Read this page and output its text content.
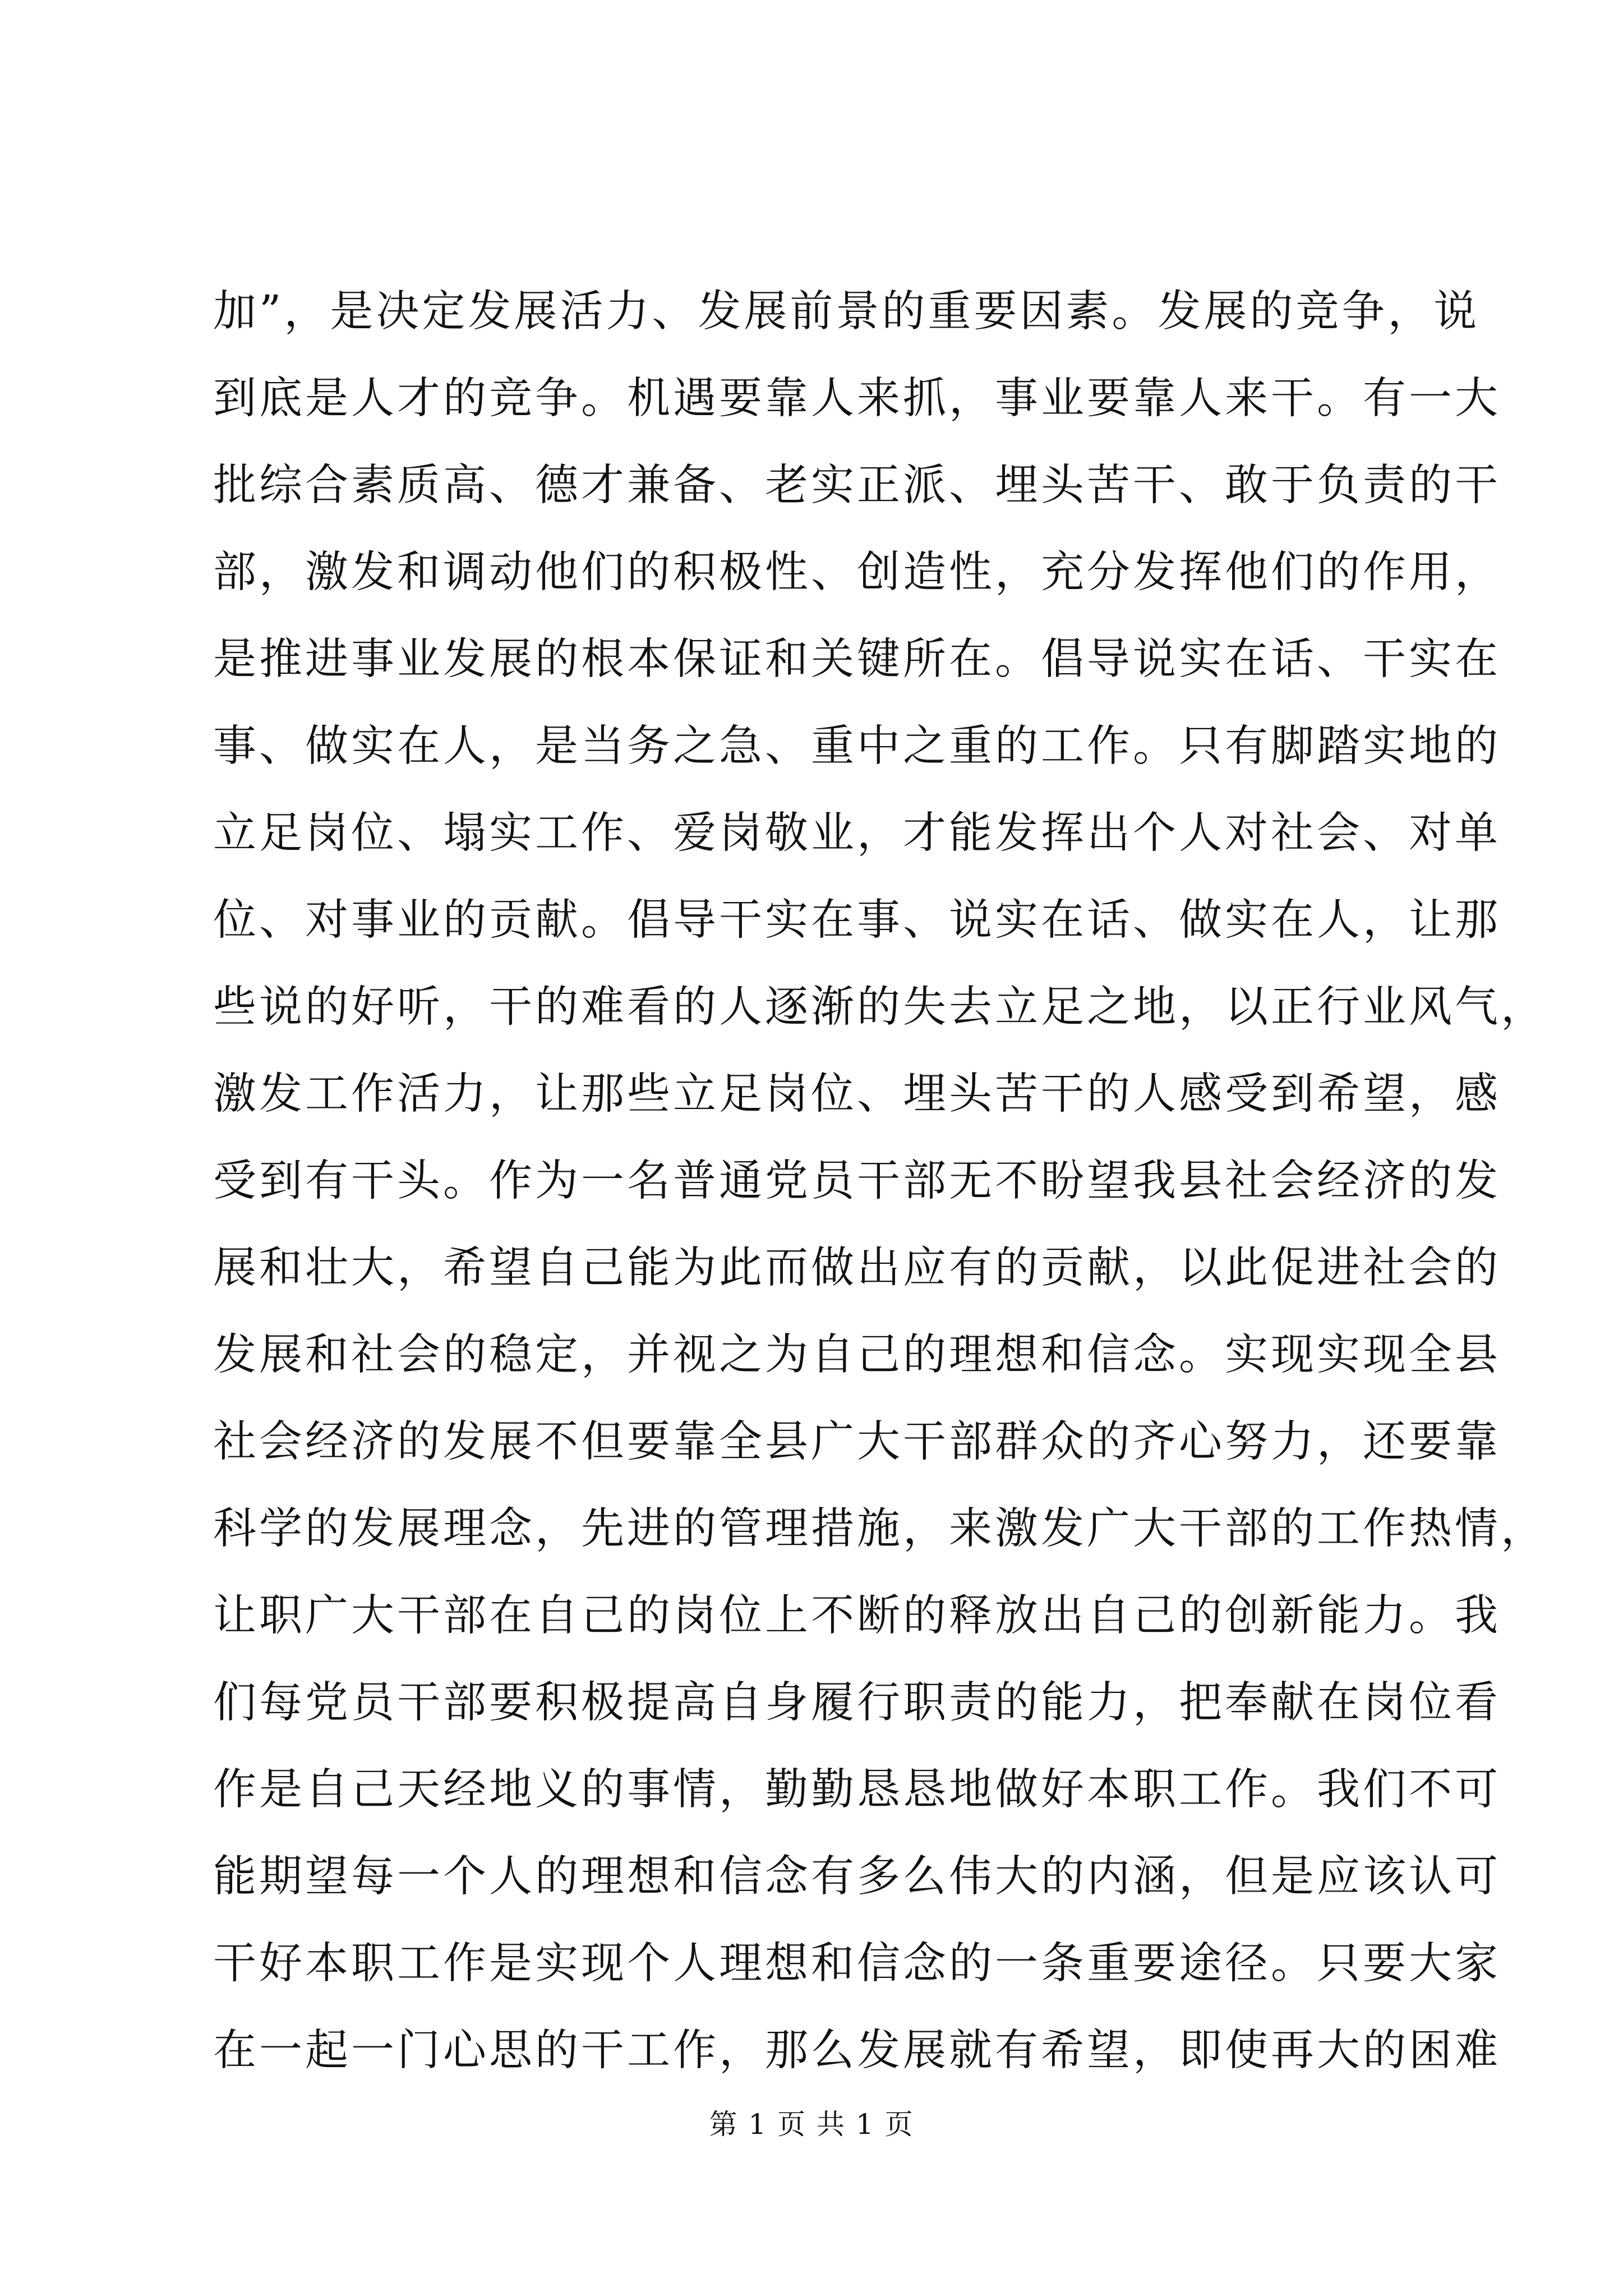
加”，是决定发展活力、发展前景的重要因素。发展的竞争，说
到底是人才的竞争。机遇要靠人来抓，事业要靠人来干。有一大
批综合素质高、德才兼备、老实正派、埋头苦干、敢于负责的干
部，激发和调动他们的积极性、创造性，充分发挥他们的作用，
是推进事业发展的根本保证和关键所在。倡导说实在话、干实在
事、做实在人，是当务之急、重中之重的工作。只有脚踏实地的
立足岗位、塌实工作、爱岗敬业，才能发挥出个人对社会、对单
位、对事业的贡献。倡导干实在事、说实在话、做实在人，让那
些说的好听，干的难看的人逐渐的失去立足之地，以正行业风气，
激发工作活力，让那些立足岗位、埋头苦干的人感受到希望，感
受到有干头。作为一名普通党员干部无不盼望我县社会经济的发
展和壮大，希望自己能为此而做出应有的贡献，以此促进社会的
发展和社会的稳定，并视之为自己的理想和信念。实现实现全县
社会经济的发展不但要靠全县广大干部群众的齐心努力，还要靠
科学的发展理念，先进的管理措施，来激发广大干部的工作热情，
让职广大干部在自己的岗位上不断的释放出自己的创新能力。我
们每党员干部要积极提高自身履行职责的能力，把奉献在岗位看
作是自己天经地义的事情，勤勤恳恳地做好本职工作。我们不可
能期望每一个人的理想和信念有多么伟大的内涵，但是应该认可
干好本职工作是实现个人理想和信念的一条重要途径。只要大家
在一起一门心思的干工作，那么发展就有希望，即使再大的困难
第 1 页 共 1 页
